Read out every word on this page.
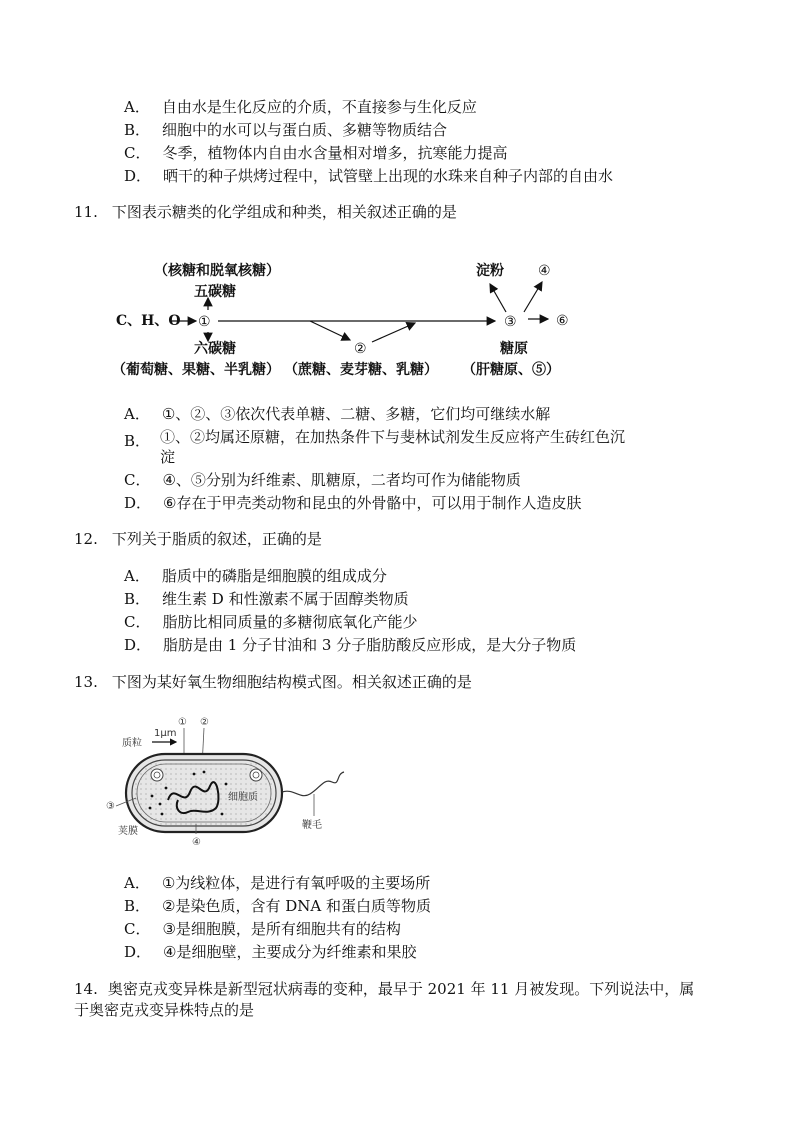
A． 自由水是生化反应的介质，不直接参与生化反应
B． 细胞中的水可以与蛋白质、多糖等物质结合
C． 冬季，植物体内自由水含量相对增多，抗寒能力提高
D． 晒干的种子烘烤过程中，试管壁上出现的水珠来自种子内部的自由水
11. 下图表示糖类的化学组成和种类，相关叙述正确的是
（核糖和脱氧核糖）
五碳糖
C、H、O ①
六碳糖
（葡萄糖、果糖、半乳糖）
②
（蔗糖、麦芽糖、乳糖）
③	⑥
淀粉 ④
糖原
（肝糖原、⑤）
A． ①、②、③依次代表单糖、二糖、多糖，它们均可继续水解
B． ①、②均属还原糖，在加热条件下与斐林试剂发生反应将产生砖红色沉
淀
C． ④、⑤分别为纤维素、肌糖原，二者均可作为储能物质
D． ⑥存在于甲壳类动物和昆虫的外骨骼中，可以用于制作人造皮肤
12. 下列关于脂质的叙述，正确的是
A． 脂质中的磷脂是细胞膜的组成成分
B． 维生素 D 和性激素不属于固醇类物质
C． 脂肪比相同质量的多糖彻底氧化产能少
D． 脂肪是由 1 分子甘油和 3 分子脂肪酸反应形成，是大分子物质
13. 下图为某好氧生物细胞结构模式图。相关叙述正确的是
① ②
1μm
质粒
细胞质
鞭毛
③
荚膜
④
A． ①为线粒体，是进行有氧呼吸的主要场所
B． ②是染色质，含有 DNA 和蛋白质等物质
C． ③是细胞膜，是所有细胞共有的结构
D． ④是细胞壁，主要成分为纤维素和果胶
14. 奥密克戎变异株是新型冠状病毒的变种，最早于 2021 年 11 月被发现。下列说法中，属
于奥密克戎变异株特点的是
